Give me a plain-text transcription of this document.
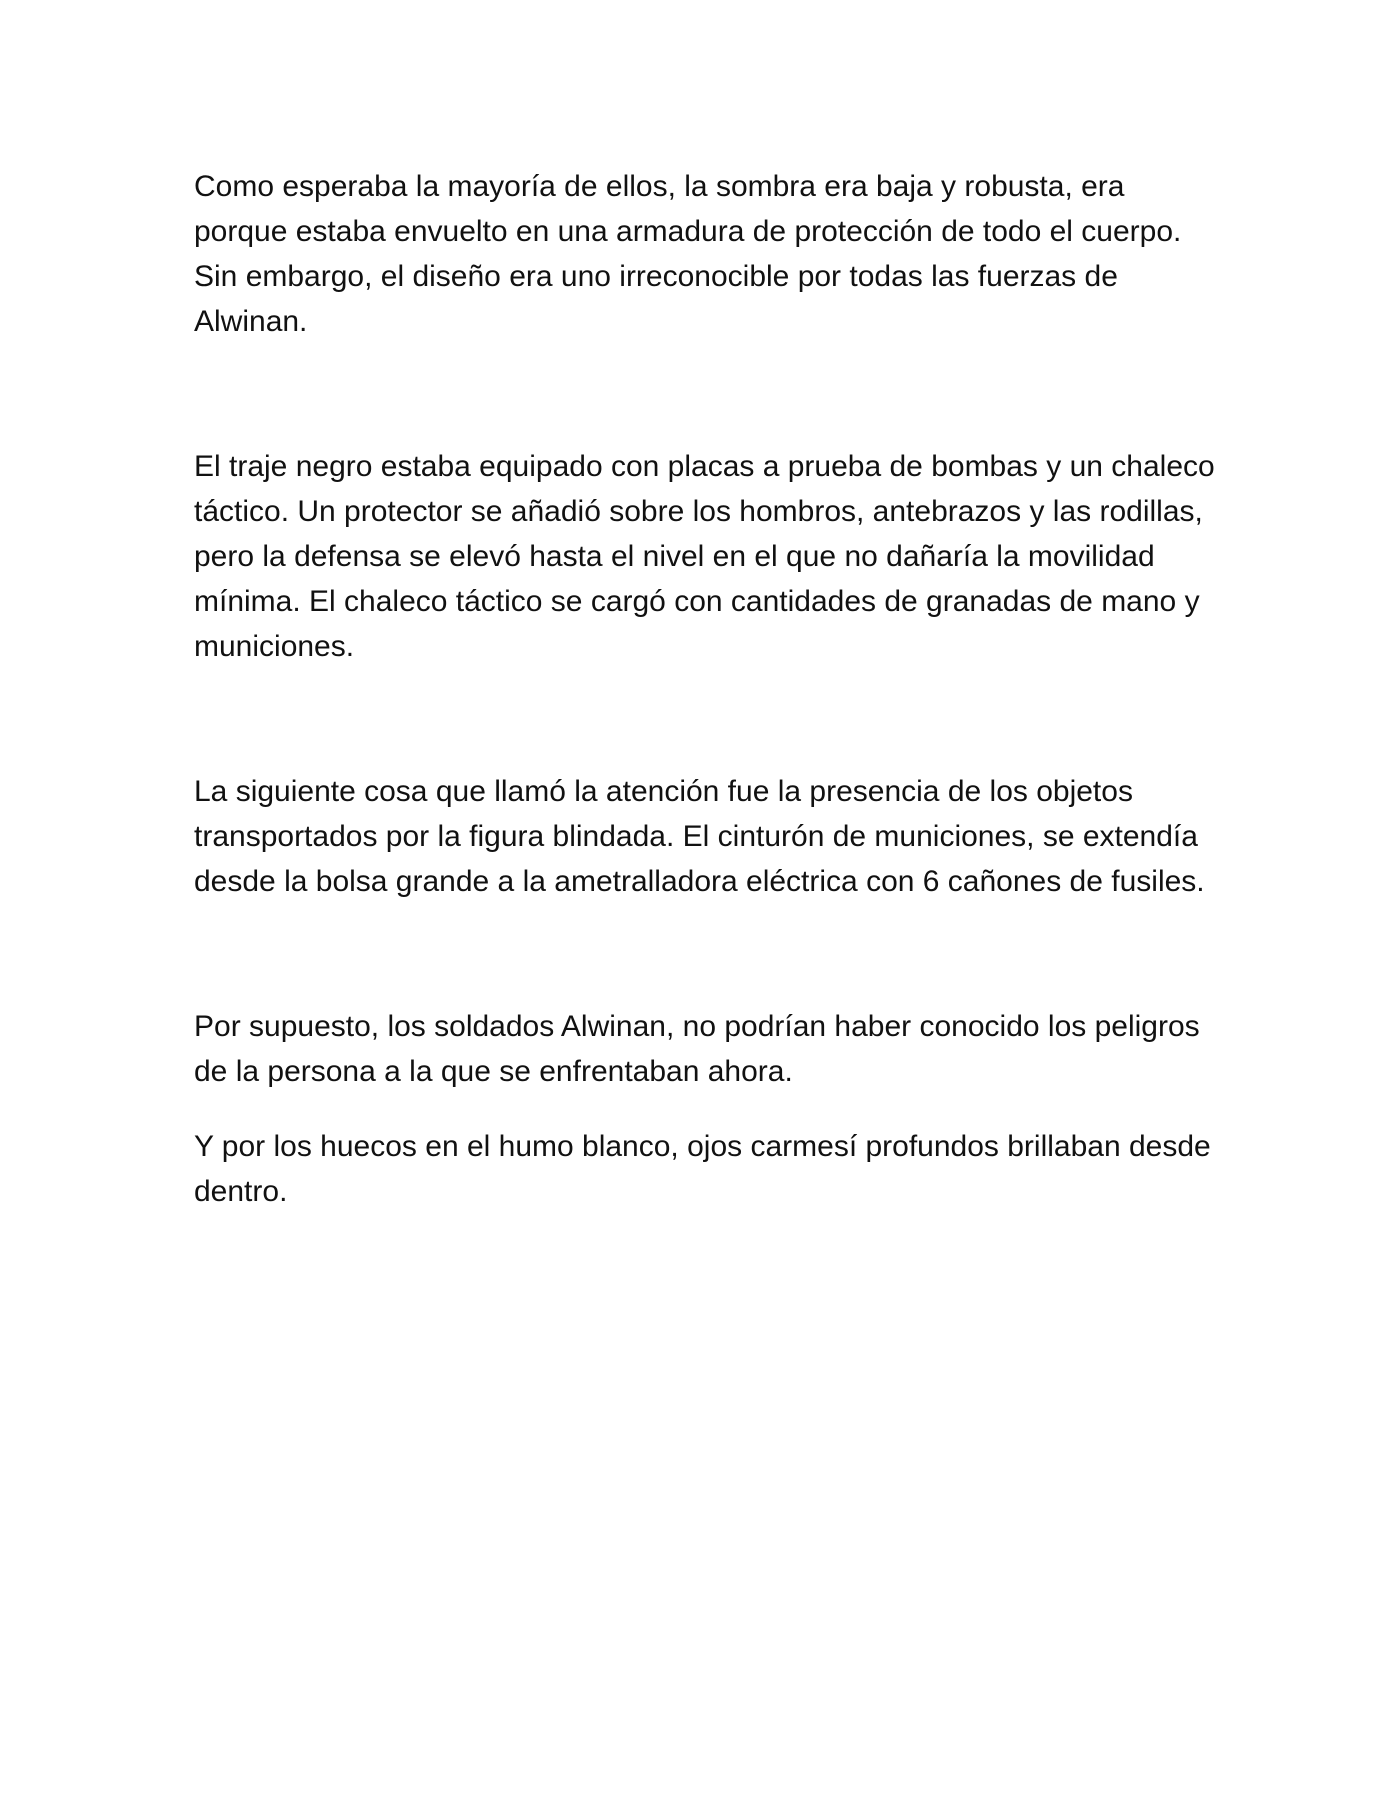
Como esperaba la mayoría de ellos, la sombra era baja y robusta, era porque estaba envuelto en una armadura de protección de todo el cuerpo. Sin embargo, el diseño era uno irreconocible por todas las fuerzas de Alwinan.

El traje negro estaba equipado con placas a prueba de bombas y un chaleco táctico. Un protector se añadió sobre los hombros, antebrazos y las rodillas, pero la defensa se elevó hasta el nivel en el que no dañaría la movilidad mínima. El chaleco táctico se cargó con cantidades de granadas de mano y municiones.

La siguiente cosa que llamó la atención fue la presencia de los objetos transportados por la figura blindada. El cinturón de municiones, se extendía desde la bolsa grande a la ametralladora eléctrica con 6 cañones de fusiles.

Por supuesto, los soldados Alwinan, no podrían haber conocido los peligros de la persona a la que se enfrentaban ahora.

Y por los huecos en el humo blanco, ojos carmesí profundos brillaban desde dentro.
